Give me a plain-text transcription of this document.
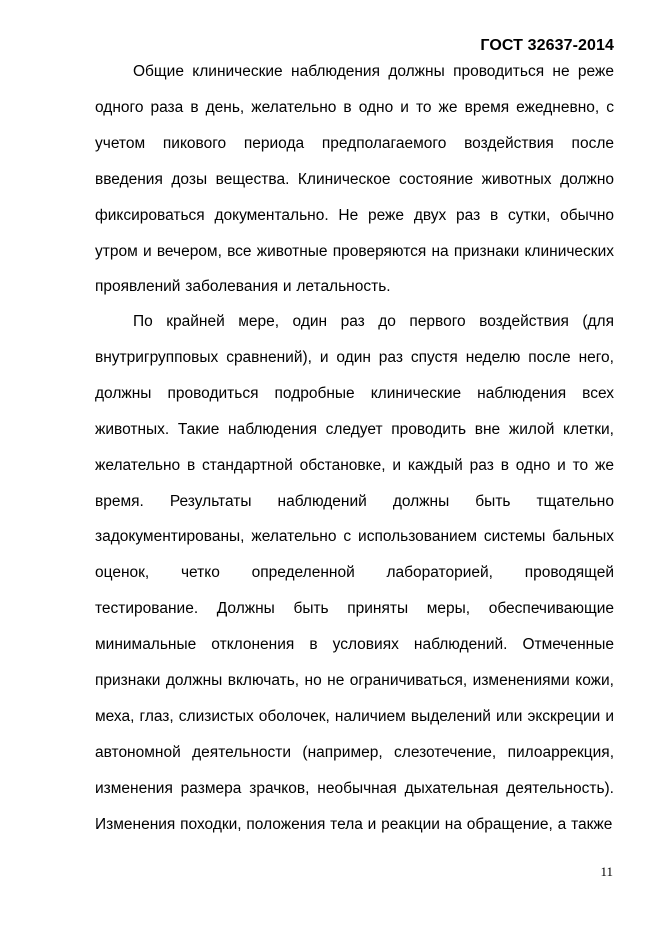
ГОСТ 32637-2014

Общие клинические наблюдения должны проводиться не реже одного раза в день, желательно в одно и то же время ежедневно, с учетом пикового периода предполагаемого воздействия после введения дозы вещества. Клиническое состояние животных должно фиксироваться документально. Не реже двух раз в сутки, обычно утром и вечером, все животные проверяются на признаки клинических проявлений заболевания и летальность.

По крайней мере, один раз до первого воздействия (для внутригрупповых сравнений), и один раз спустя неделю после него, должны проводиться подробные клинические наблюдения всех животных. Такие наблюдения следует проводить вне жилой клетки, желательно в стандартной обстановке, и каждый раз в одно и то же время. Результаты наблюдений должны быть тщательно задокументированы, желательно с использованием системы бальных оценок, четко определенной лабораторией, проводящей тестирование. Должны быть приняты меры, обеспечивающие минимальные отклонения в условиях наблюдений. Отмеченные признаки должны включать, но не ограничиваться, изменениями кожи, меха, глаз, слизистых оболочек, наличием выделений или экскреции и автономной деятельности (например, слезотечение, пилоаррекция, изменения размера зрачков, необычная дыхательная деятельность). Изменения походки, положения тела и реакции на обращение, а также

11
